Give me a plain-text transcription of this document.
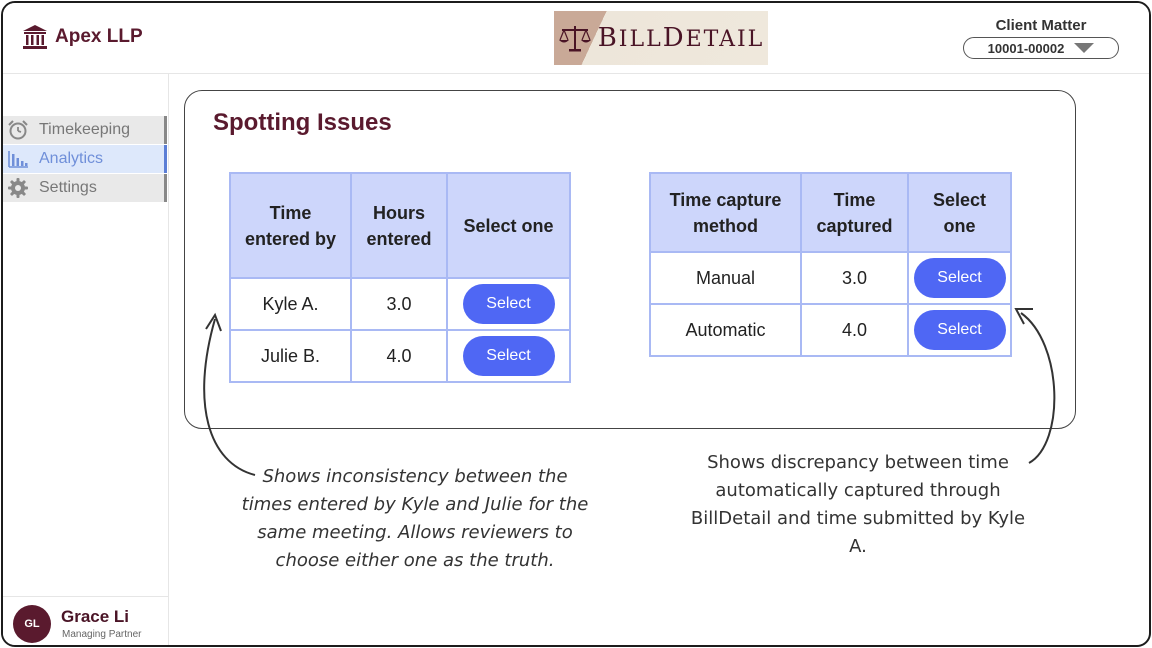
Apex LLP	BILLDETAIL
Client Matter
10001-00002
Timekeeping
Analytics
Settings
GL	Grace Li
Managing Partner
Spotting Issues
Time entered by	Hours entered	Select one
Kyle A.	3.0	Select
Julie B.	4.0	Select
Time capture method	Time captured	Select one
Manual	3.0	Select
Automatic	4.0	Select

Shows inconsistency between the times entered by Kyle and Julie for the same meeting. Allows reviewers to choose either one as the truth.

Shows discrepancy between time automatically captured through BillDetail and time submitted by Kyle A.
